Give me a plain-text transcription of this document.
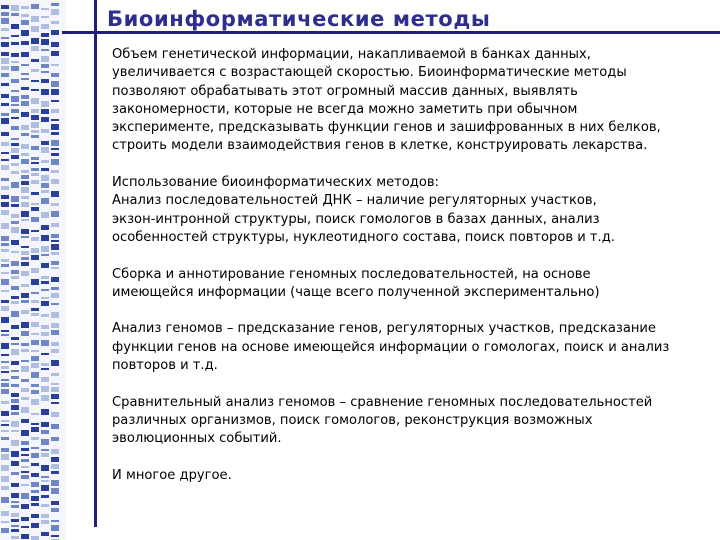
Биоинформатические методы
Объем генетической информации, накапливаемой в банках данных,
увеличивается с возрастающей скоростью. Биоинформатические методы
позволяют обрабатывать этот огромный массив данных, выявлять
закономерности, которые не всегда можно заметить при обычном
эксперименте, предсказывать функции генов и зашифрованных в них белков,
строить модели взаимодействия генов в клетке, конструировать лекарства.
Использование биоинформатических методов:
Анализ последовательностей ДНК – наличие регуляторных участков,
экзон-интронной структуры, поиск гомологов в базах данных, анализ
особенностей структуры, нуклеотидного состава, поиск повторов и т.д.
Сборка и аннотирование геномных последовательностей, на основе
имеющейся информации (чаще всего полученной экспериментально)
Анализ геномов – предсказание генов, регуляторных участков, предсказание
функции генов на основе имеющейся информации о гомологах, поиск и анализ
повторов и т.д.
Сравнительный анализ геномов – сравнение геномных последовательностей
различных организмов, поиск гомологов, реконструкция возможных
эволюционных событий.
И многое другое.
